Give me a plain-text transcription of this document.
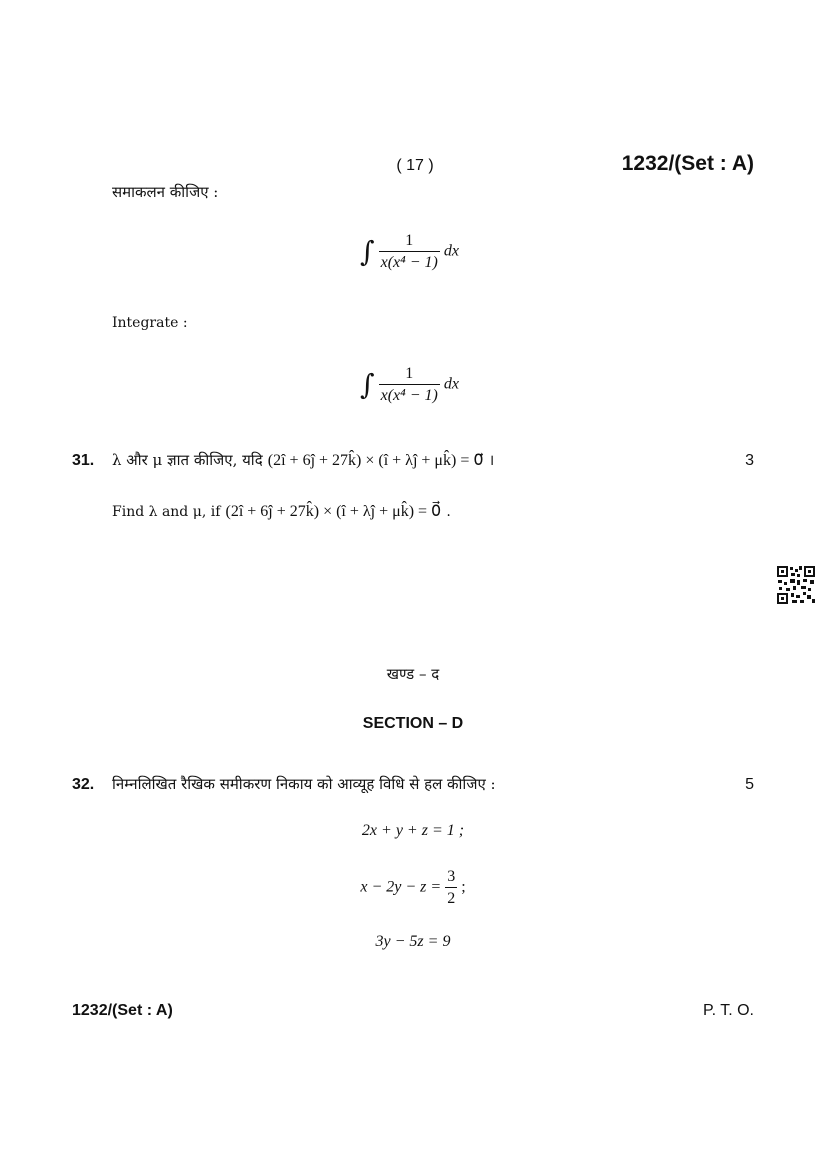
( 17 )	1232/(Set : A)
समाकलन कीजिए :
∫ $\frac{1}{\text{x(x⁴ − 1)}}$ dx
Integrate :
∫ $\frac{1}{\text{x(x⁴ − 1)}}$ dx
31. λ और μ ज्ञात कीजिए, यदि (2î + 6ĵ + 27k̂) × (î + λĵ + μk̂) = 0⃗ ।	3
Find λ and μ, if (2î + 6ĵ + 27k̂) × (î + λĵ + μk̂) = 0⃗ .
खण्ड – द
SECTION – D
32. निम्नलिखित रैखिक समीकरण निकाय को आव्यूह विधि से हल कीजिए :	5
2x + y + z = 1 ;
$x - 2y - z = \frac{3}{2}$ ;
3y − 5z = 9
1232/(Set : A)	P. T. O.
